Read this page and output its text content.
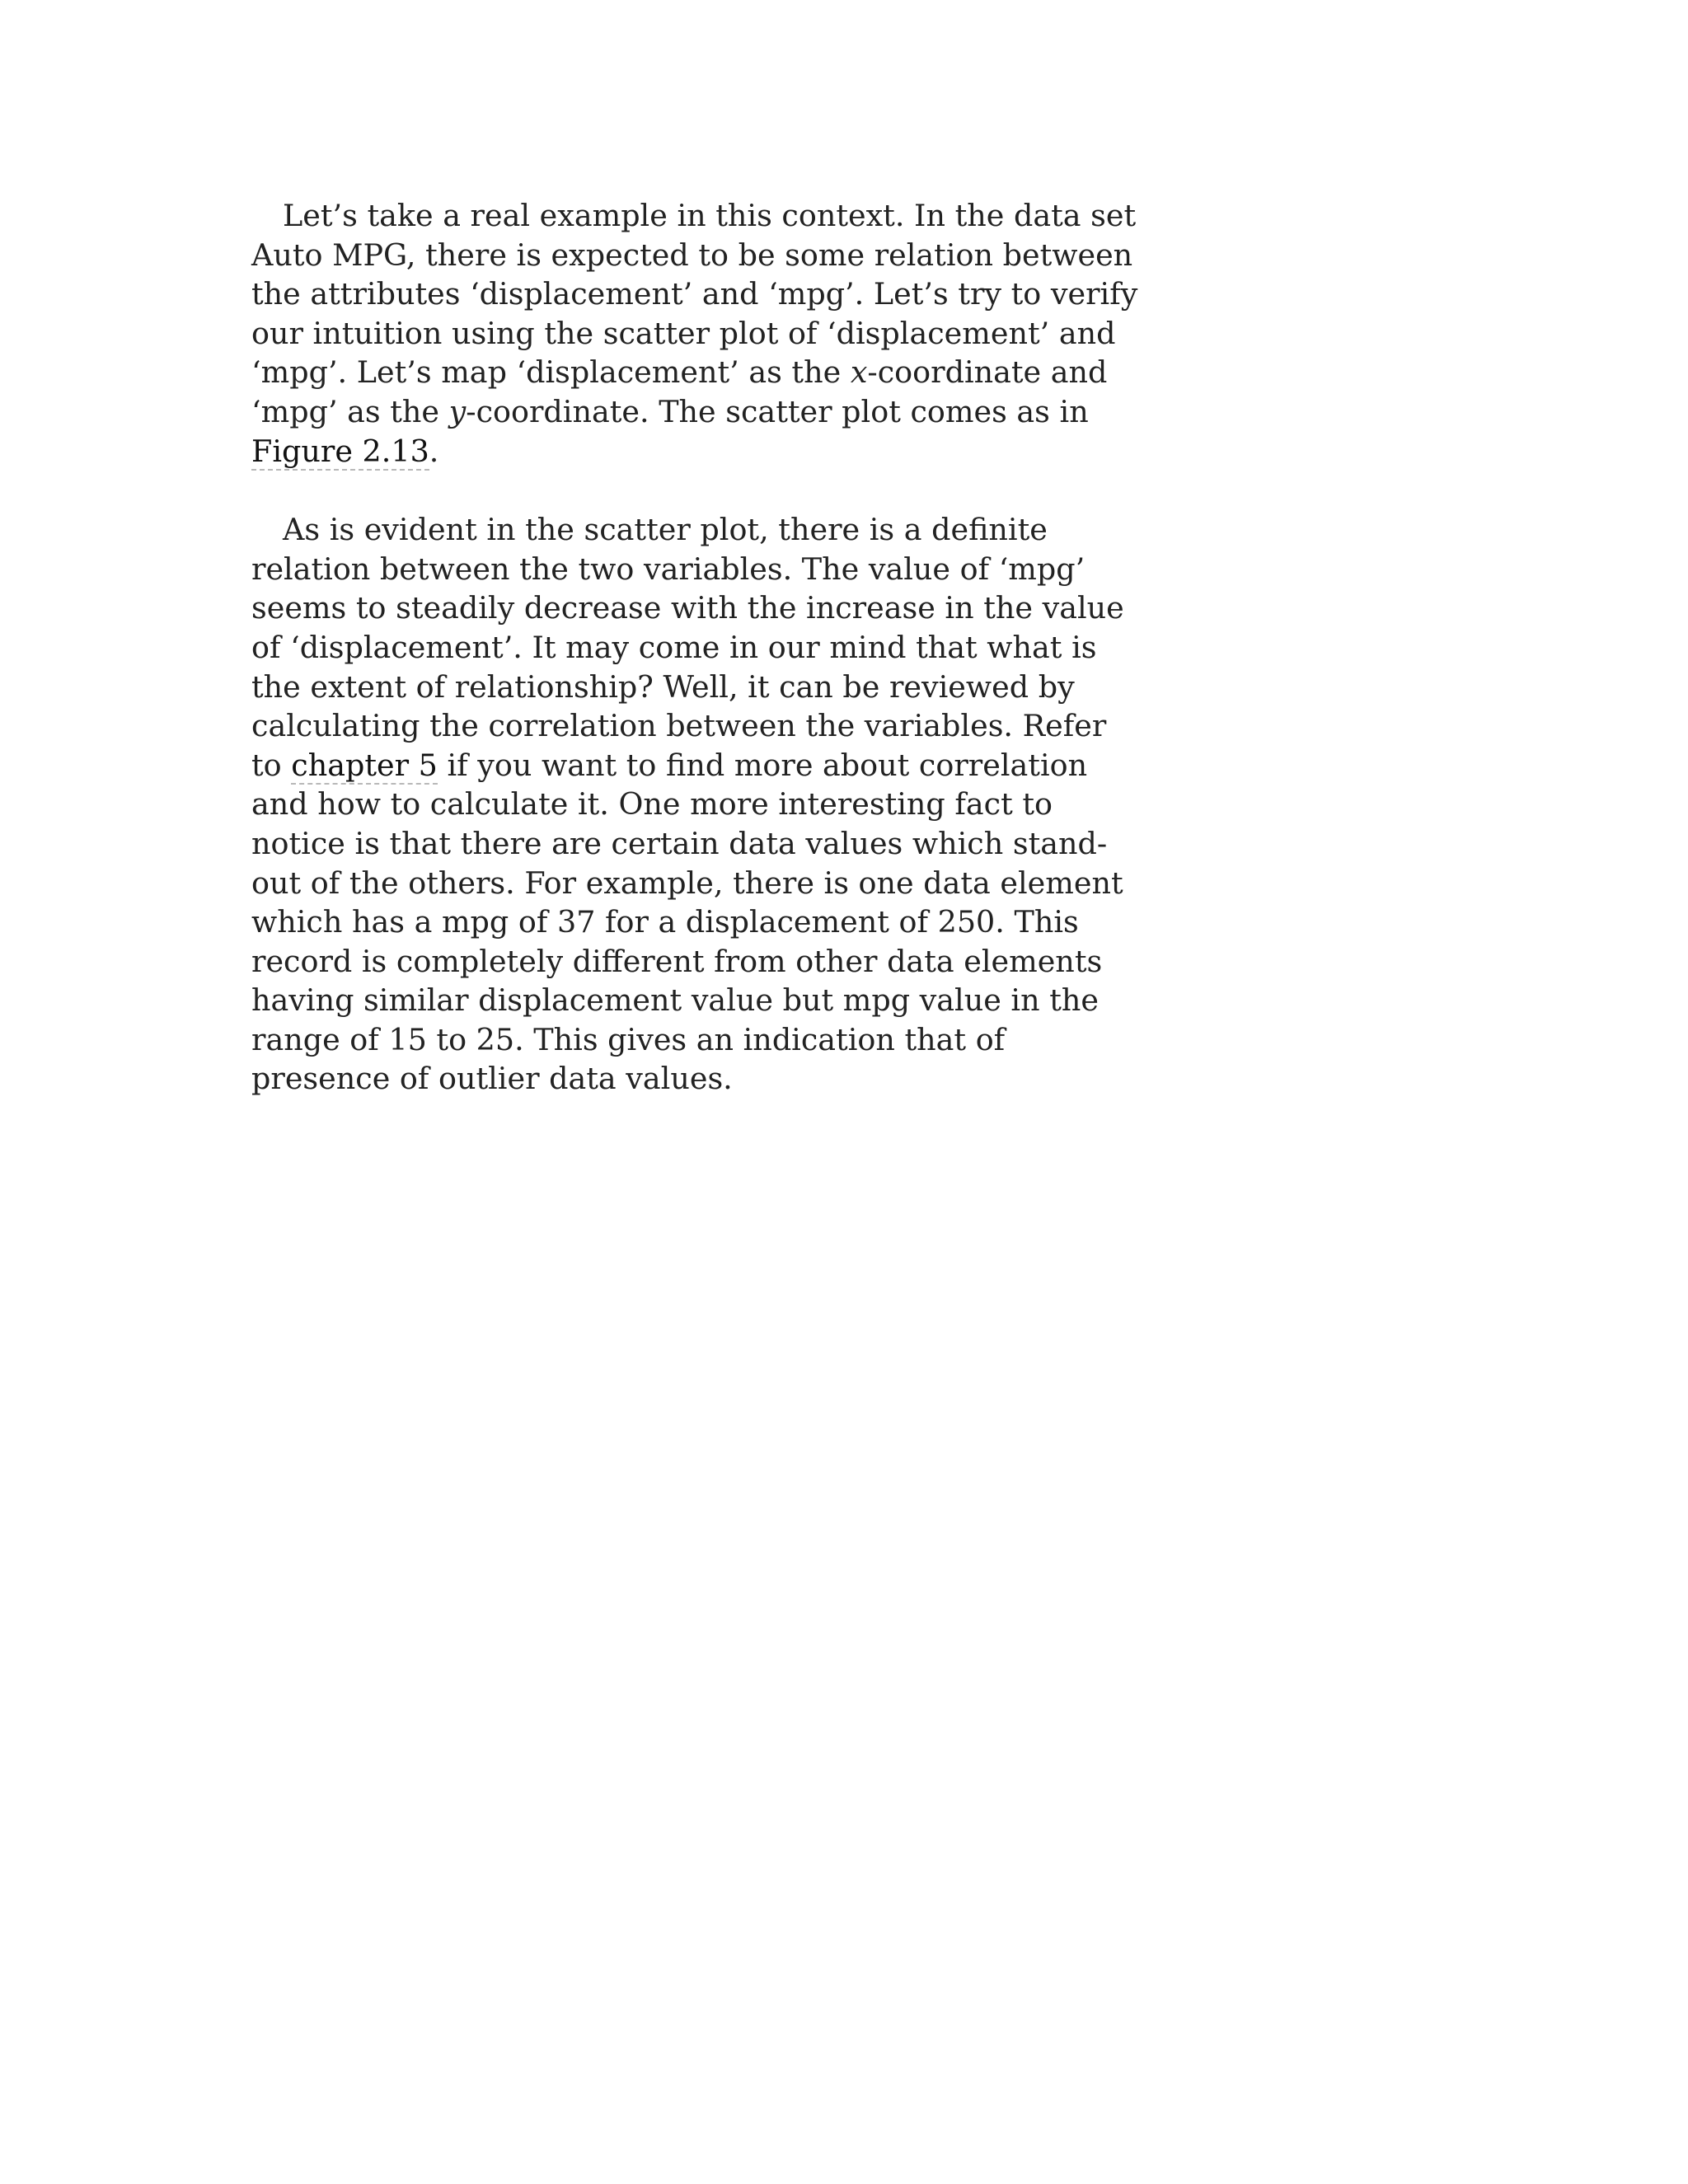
Let’s take a real example in this context. In the data set
Auto MPG, there is expected to be some relation between
the attributes ‘displacement’ and ‘mpg’. Let’s try to verify
our intuition using the scatter plot of ‘displacement’ and
‘mpg’. Let’s map ‘displacement’ as the x-coordinate and
‘mpg’ as the y-coordinate. The scatter plot comes as in
Figure 2.13.
As is evident in the scatter plot, there is a definite
relation between the two variables. The value of ‘mpg’
seems to steadily decrease with the increase in the value
of ‘displacement’. It may come in our mind that what is
the extent of relationship? Well, it can be reviewed by
calculating the correlation between the variables. Refer
to chapter 5 if you want to find more about correlation
and how to calculate it. One more interesting fact to
notice is that there are certain data values which stand-
out of the others. For example, there is one data element
which has a mpg of 37 for a displacement of 250. This
record is completely different from other data elements
having similar displacement value but mpg value in the
range of 15 to 25. This gives an indication that of
presence of outlier data values.
